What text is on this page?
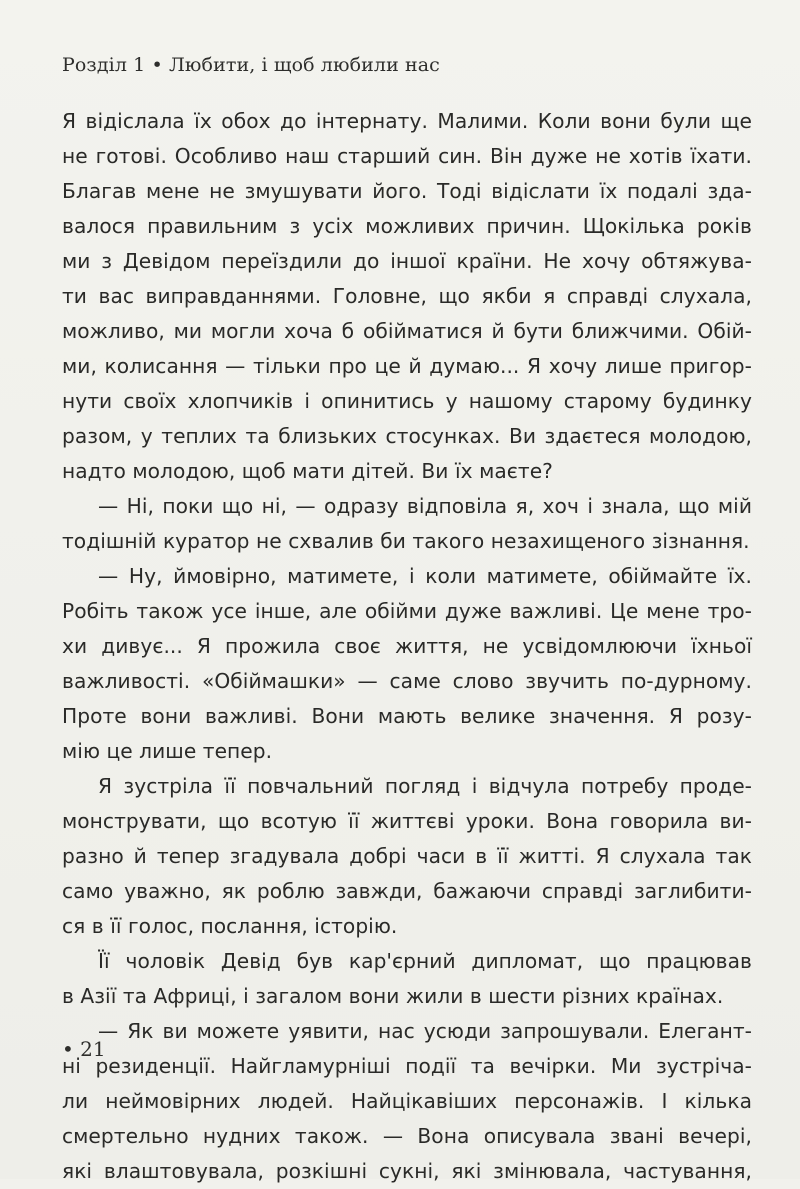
Розділ 1 • Любити, і щоб любили нас
Я відіслала їх обох до інтернату. Малими. Коли вони були ще
не готові. Особливо наш старший син. Він дуже не хотів їхати.
Благав мене не змушувати його. Тоді відіслати їх подалі зда-
валося правильним з усіх можливих причин. Щокілька років
ми з Девідом переїздили до іншої країни. Не хочу обтяжува-
ти вас виправданнями. Головне, що якби я справді слухала,
можливо, ми могли хоча б обійматися й бути ближчими. Обій-
ми, колисання — тільки про це й думаю... Я хочу лише пригор-
нути своїх хлопчиків і опинитись у нашому старому будинку
разом, у теплих та близьких стосунках. Ви здаєтеся молодою,
надто молодою, щоб мати дітей. Ви їх маєте?
— Ні, поки що ні, — одразу відповіла я, хоч і знала, що мій
тодішній куратор не схвалив би такого незахищеного зізнання.
— Ну, ймовірно, матимете, і коли матимете, обіймайте їх.
Робіть також усе інше, але обійми дуже важливі. Це мене тро-
хи дивує... Я прожила своє життя, не усвідомлюючи їхньої
важливості. «Обіймашки» — саме слово звучить по-дурному.
Проте вони важливі. Вони мають велике значення. Я розу-
мію це лише тепер.
Я зустріла її повчальний погляд і відчула потребу проде-
монструвати, що всотую її життєві уроки. Вона говорила ви-
разно й тепер згадувала добрі часи в її житті. Я слухала так
само уважно, як роблю завжди, бажаючи справді заглибити-
ся в її голос, послання, історію.
Її чоловік Девід був кар'єрний дипломат, що працював
в Азії та Африці, і загалом вони жили в шести різних країнах.
— Як ви можете уявити, нас усюди запрошували. Елегант-
ні резиденції. Найгламурніші події та вечірки. Ми зустріча-
ли неймовірних людей. Найцікавіших персонажів. І кілька
смертельно нудних також. — Вона описувала звані вечері,
які влаштовувала, розкішні сукні, які змінювала, частування,
• 21
